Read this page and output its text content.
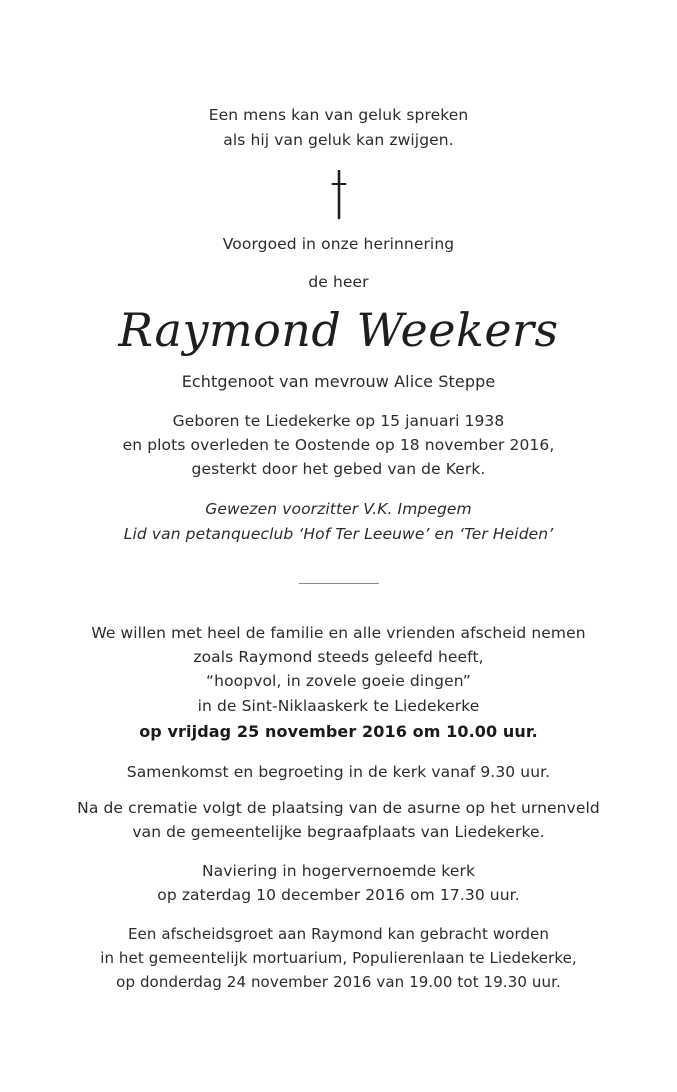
Een mens kan van geluk spreken
als hij van geluk kan zwijgen.
Voorgoed in onze herinnering
de heer
Raymond Weekers
Echtgenoot van mevrouw Alice Steppe
Geboren te Liedekerke op 15 januari 1938
en plots overleden te Oostende op 18 november 2016,
gesterkt door het gebed van de Kerk.
Gewezen voorzitter V.K. Impegem
Lid van petanqueclub ‘Hof Ter Leeuwe’ en ‘Ter Heiden’
We willen met heel de familie en alle vrienden afscheid nemen
zoals Raymond steeds geleefd heeft,
“hoopvol, in zovele goeie dingen”
in de Sint-Niklaaskerk te Liedekerke
op vrijdag 25 november 2016 om 10.00 uur.
Samenkomst en begroeting in de kerk vanaf 9.30 uur.
Na de crematie volgt de plaatsing van de asurne op het urnenveld
van de gemeentelijke begraafplaats van Liedekerke.
Naviering in hogervernoemde kerk
op zaterdag 10 december 2016 om 17.30 uur.
Een afscheidsgroet aan Raymond kan gebracht worden
in het gemeentelijk mortuarium, Populierenlaan te Liedekerke,
op donderdag 24 november 2016 van 19.00 tot 19.30 uur.
